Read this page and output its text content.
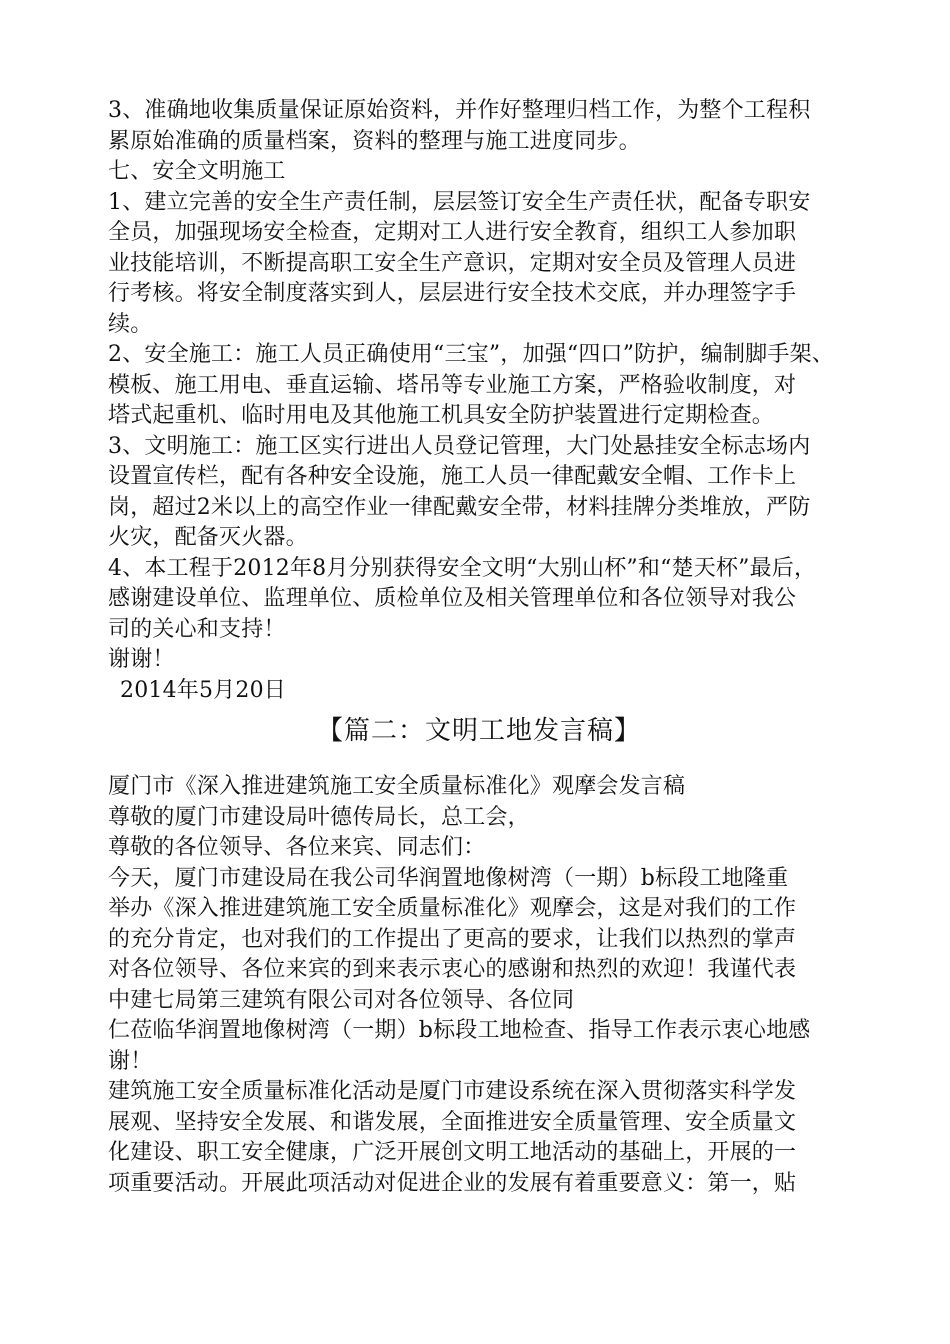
3、准确地收集质量保证原始资料，并作好整理归档工作，为整个工程积
累原始准确的质量档案，资料的整理与施工进度同步。
七、安全文明施工
1、建立完善的安全生产责任制，层层签订安全生产责任状，配备专职安
全员，加强现场安全检查，定期对工人进行安全教育，组织工人参加职
业技能培训，不断提高职工安全生产意识，定期对安全员及管理人员进
行考核。将安全制度落实到人，层层进行安全技术交底，并办理签字手
续。
2、安全施工：施工人员正确使用“三宝”，加强“四口”防护，编制脚手架、
模板、施工用电、垂直运输、塔吊等专业施工方案，严格验收制度，对
塔式起重机、临时用电及其他施工机具安全防护装置进行定期检查。
3、文明施工：施工区实行进出人员登记管理，大门处悬挂安全标志场内
设置宣传栏，配有各种安全设施，施工人员一律配戴安全帽、工作卡上
岗，超过2米以上的高空作业一律配戴安全带，材料挂牌分类堆放，严防
火灾，配备灭火器。
4、本工程于2012年8月分别获得安全文明“大别山杯”和“楚天杯”最后，
感谢建设单位、监理单位、质检单位及相关管理单位和各位领导对我公
司的关心和支持！
谢谢！
2014年5月20日
【篇二：文明工地发言稿】
厦门市《深入推进建筑施工安全质量标准化》观摩会发言稿
尊敬的厦门市建设局叶德传局长，总工会，
尊敬的各位领导、各位来宾、同志们：
今天，厦门市建设局在我公司华润置地像树湾（一期）b标段工地隆重
举办《深入推进建筑施工安全质量标准化》观摩会，这是对我们的工作
的充分肯定，也对我们的工作提出了更高的要求，让我们以热烈的掌声
对各位领导、各位来宾的到来表示衷心的感谢和热烈的欢迎！我谨代表
中建七局第三建筑有限公司对各位领导、各位同
仁莅临华润置地像树湾（一期）b标段工地检查、指导工作表示衷心地感
谢！
建筑施工安全质量标准化活动是厦门市建设系统在深入贯彻落实科学发
展观、坚持安全发展、和谐发展，全面推进安全质量管理、安全质量文
化建设、职工安全健康，广泛开展创文明工地活动的基础上，开展的一
项重要活动。开展此项活动对促进企业的发展有着重要意义：第一，贴
